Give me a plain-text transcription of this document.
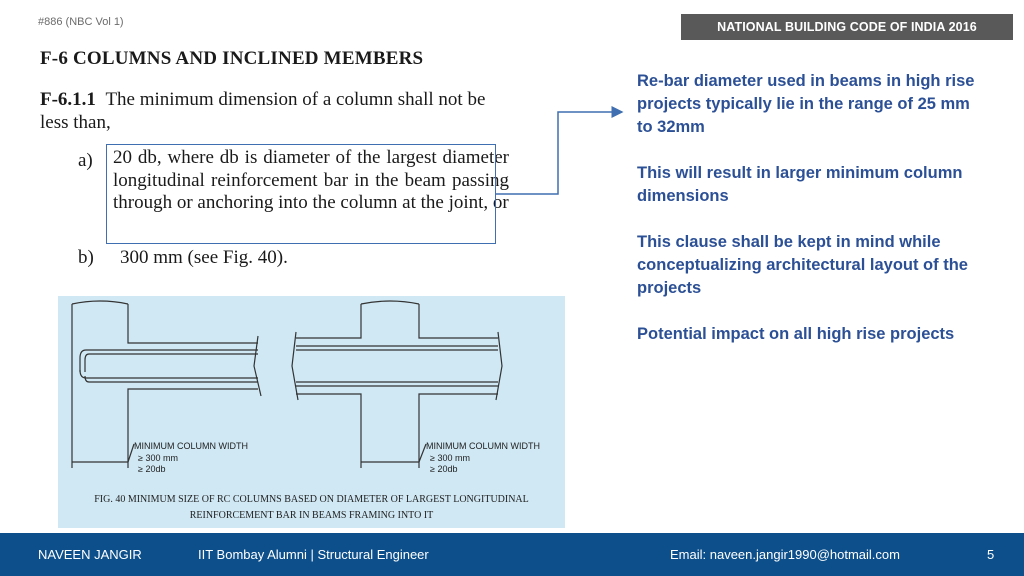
#886 (NBC Vol 1)	NATIONAL BUILDING CODE OF INDIA 2016
F-6 COLUMNS AND INCLINED MEMBERS
F-6.1.1 The minimum dimension of a column shall not be less than,
a) 20 db, where db is diameter of the largest diameter longitudinal reinforcement bar in the beam passing through or anchoring into the column at the joint, or
b) 300 mm (see Fig. 40).

Re-bar diameter used in beams in high rise projects typically lie in the range of 25 mm to 32mm

This will result in larger minimum column dimensions

This clause shall be kept in mind while conceptualizing architectural layout of the projects

Potential impact on all high rise projects

MINIMUM COLUMN WIDTH
≥ 300 mm
≥ 20db
MINIMUM COLUMN WIDTH
≥ 300 mm
≥ 20db
FIG. 40 MINIMUM SIZE OF RC COLUMNS BASED ON DIAMETER OF LARGEST LONGITUDINAL
REINFORCEMENT BAR IN BEAMS FRAMING INTO IT
NAVEEN JANGIR	IIT Bombay Alumni | Structural Engineer	Email: naveen.jangir1990@hotmail.com	5
